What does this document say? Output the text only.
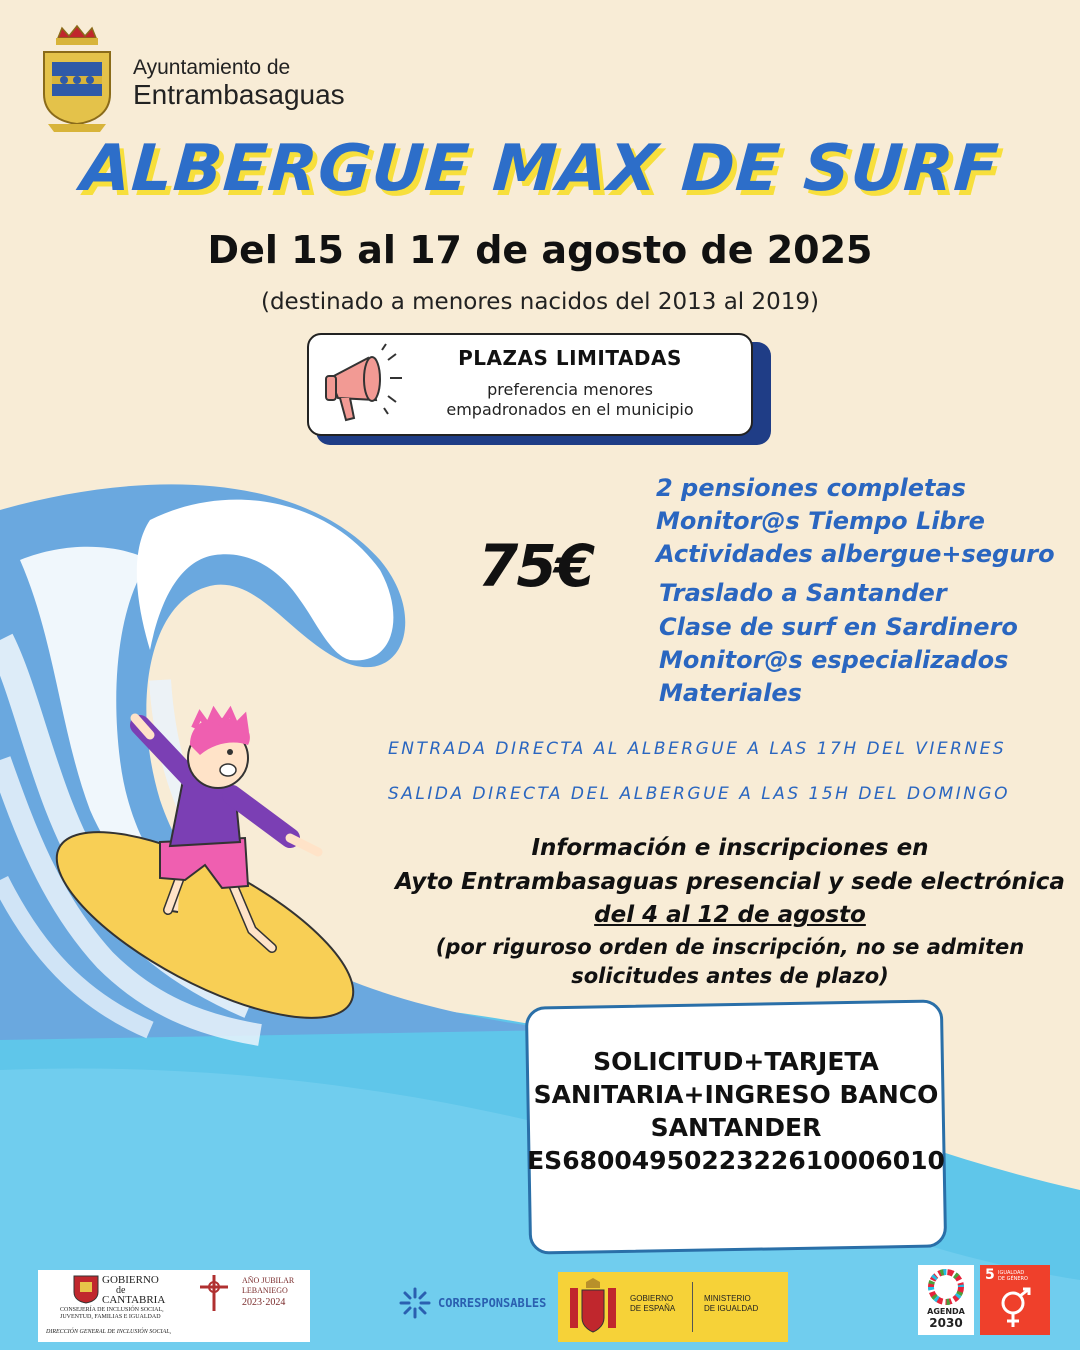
Ayuntamiento de
Entrambasaguas
ALBERGUE MAX DE SURF
Del 15 al 17 de agosto de 2025
(destinado a menores nacidos del 2013 al 2019)
PLAZAS LIMITADAS
preferencia menores
empadronados en el municipio
75€
2 pensiones completas
Monitor@s Tiempo Libre
Actividades albergue+seguro
Traslado a Santander
Clase de surf en Sardinero
Monitor@s especializados
Materiales
ENTRADA DIRECTA AL ALBERGUE A LAS 17H DEL VIERNES
SALIDA DIRECTA DEL ALBERGUE A LAS 15H DEL DOMINGO
Información e inscripciones en
Ayto Entrambasaguas presencial y sede electrónica
del 4 al 12 de agosto
(por riguroso orden de inscripción, no se admiten
solicitudes antes de plazo)
SOLICITUD+TARJETA
SANITARIA+INGRESO BANCO
SANTANDER
ES6800495022322610006010
GOBIERNO
de
CANTABRIA
CONSEJERÍA DE INCLUSIÓN SOCIAL,
JUVENTUD, FAMILIAS E IGUALDAD
DIRECCIÓN GENERAL DE INCLUSIÓN SOCIAL,
AÑO JUBILAR
LEBANIEGO
2023·2024	CORRESPONSABLES	GOBIERNO
DE ESPAÑA
MINISTERIO
DE IGUALDAD	AGENDA
2030
5 IGUALDAD
DE GÉNERO
